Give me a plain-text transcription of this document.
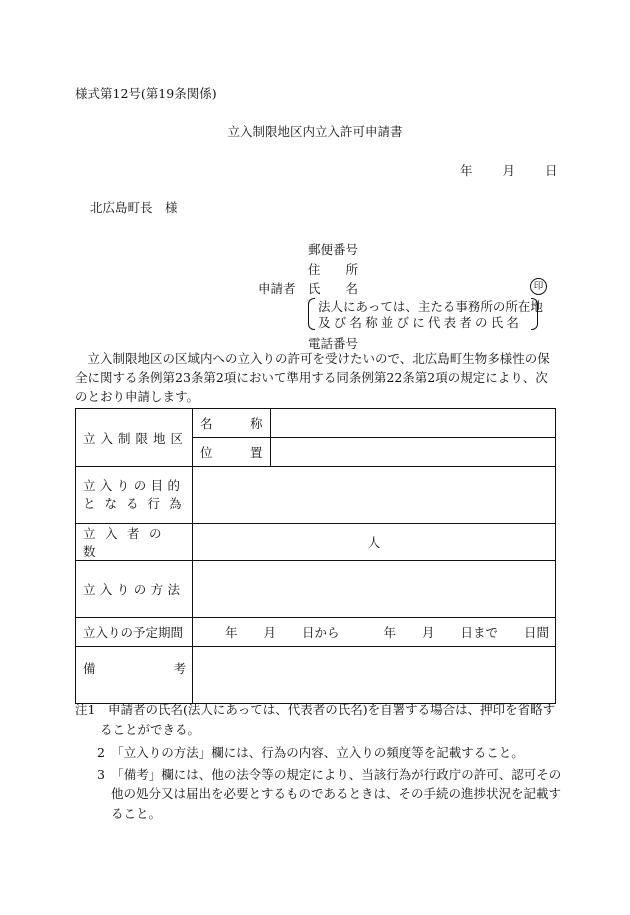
様式第12号(第19条関係)
立入制限地区内立入許可申請書
年 月 日
北広島町長　様
郵便番号
住　　所
申請者 氏　　名	印
法人にあっては、主たる事務所の所在地
及び名称並びに代表者の氏名
電話番号
　立入制限地区の区域内への立入りの許可を受けたいので、北広島町生物多様性の保全に関する条例第23条第2項において準用する同条例第22条第2項の規定により、次のとおり申請します。
立入制限地区	名　　　称	
	位　　　置	

立入りの目的
となる行為		

立入者の数	人	
立入りの方法		
立入りの予定期間	年 月 日から 年 月 日まで 日間	
備 考		

注1　申請者の氏名(法人にあっては、代表者の氏名)を自署する場合は、押印を省略することができる。
2　「立入りの方法」欄には、行為の内容、立入りの頻度等を記載すること。
3　「備考」欄には、他の法令等の規定により、当該行為が行政庁の許可、認可その他の処分又は届出を必要とするものであるときは、その手続の進捗状況を記載すること。
